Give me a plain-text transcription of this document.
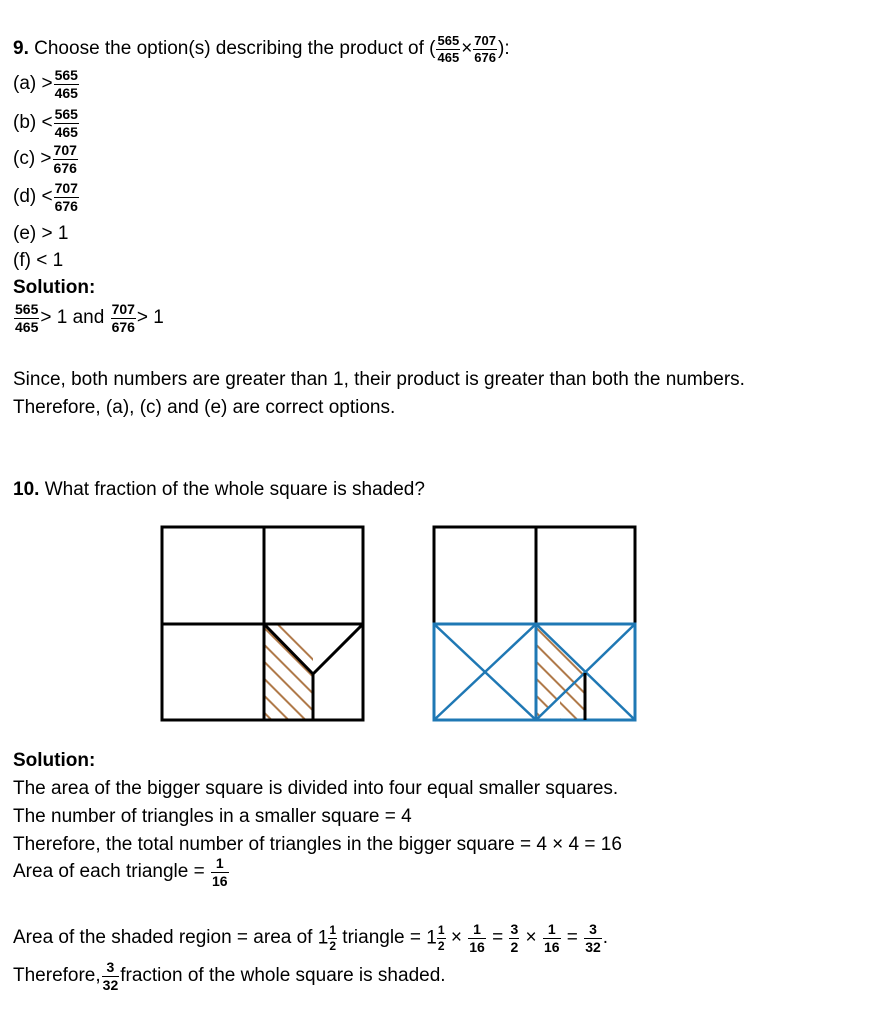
9. Choose the option(s) describing the product of ( $\frac{565}{465} \times \frac{707}{676}$ ):
$(a) > \frac{565}{465}$
$(b) < \frac{565}{465}$
$(c) > \frac{707}{676}$
$(d) < \frac{707}{676}$
(e) > 1
(f) < 1
Solution:
$\frac{565}{465} > 1$ and $\frac{707}{676} > 1$
Since, both numbers are greater than 1, their product is greater than both the numbers.
Therefore, (a), (c) and (e) are correct options.
10. What fraction of the whole square is shaded?
Solution:
The area of the bigger square is divided into four equal smaller squares.
The number of triangles in a smaller square = 4
Therefore, the total number of triangles in the bigger square = 4 × 4 = 16
Area of each triangle = $\frac{1}{16}$
Area of the shaded region = area of $1 \frac{1}{2}$ triangle = $1 \frac{1}{2} \times \frac{1}{16} = \frac{3}{2} \times \frac{1}{16} = \frac{3}{32}$ .
Therefore, $\frac{3}{32}$ fraction of the whole square is shaded.
